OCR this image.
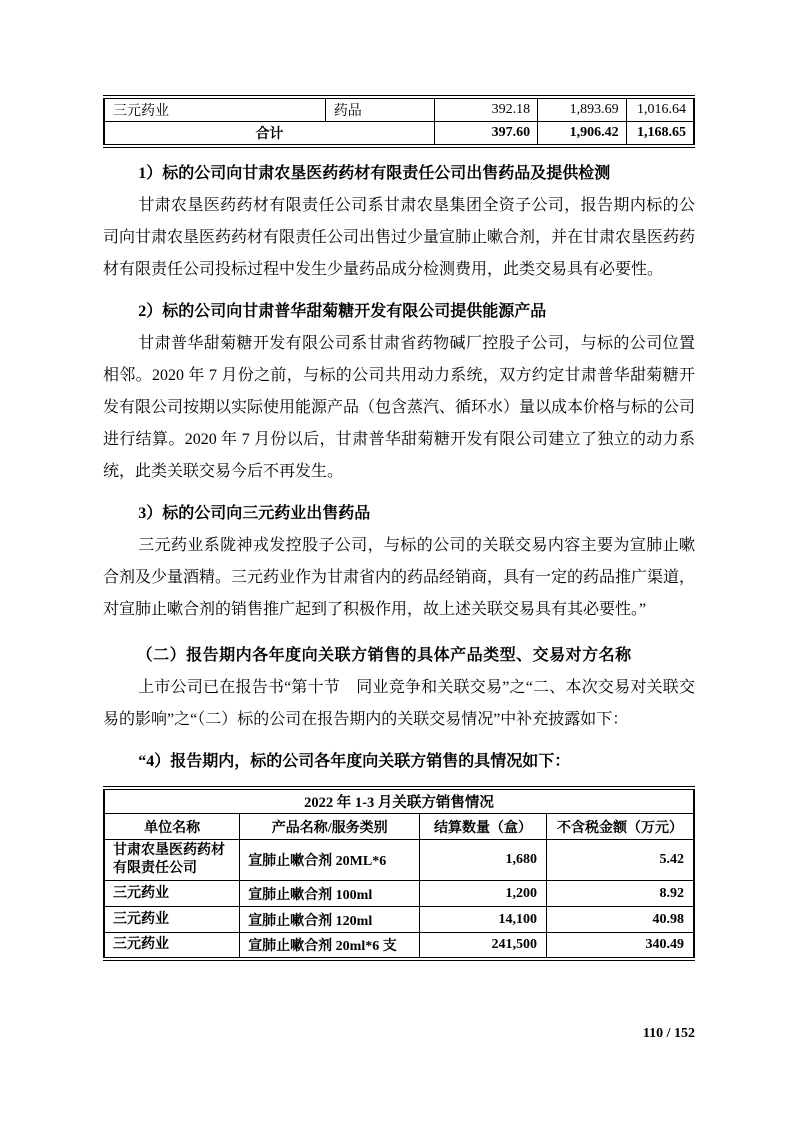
三元药业	药品	392.18	1,893.69	1,016.64
合计		397.60	1,906.42	1,168.65
1）标的公司向甘肃农垦医药药材有限责任公司出售药品及提供检测
甘肃农垦医药药材有限责任公司系甘肃农垦集团全资子公司，报告期内标的公司向甘肃农垦医药药材有限责任公司出售过少量宣肺止嗽合剂，并在甘肃农垦医药药材有限责任公司投标过程中发生少量药品成分检测费用，此类交易具有必要性。
2）标的公司向甘肃普华甜菊糖开发有限公司提供能源产品
甘肃普华甜菊糖开发有限公司系甘肃省药物碱厂控股子公司，与标的公司位置相邻。2020 年 7 月份之前，与标的公司共用动力系统，双方约定甘肃普华甜菊糖开发有限公司按期以实际使用能源产品（包含蒸汽、循环水）量以成本价格与标的公司进行结算。2020 年 7 月份以后，甘肃普华甜菊糖开发有限公司建立了独立的动力系统，此类关联交易今后不再发生。
3）标的公司向三元药业出售药品
三元药业系陇神戎发控股子公司，与标的公司的关联交易内容主要为宣肺止嗽合剂及少量酒精。三元药业作为甘肃省内的药品经销商，具有一定的药品推广渠道，对宣肺止嗽合剂的销售推广起到了积极作用，故上述关联交易具有其必要性。”
（二）报告期内各年度向关联方销售的具体产品类型、交易对方名称
上市公司已在报告书“第十节　同业竞争和关联交易”之“二、本次交易对关联交易的影响”之“（二）标的公司在报告期内的关联交易情况”中补充披露如下：
“4）报告期内，标的公司各年度向关联方销售的具情况如下：
2022 年 1-3 月关联方销售情况			
单位名称	产品名称/服务类别	结算数量（盒）	不含税金额（万元）
甘肃农垦医药药材有限责任公司	宣肺止嗽合剂 20ML*6	1,680	5.42
三元药业	宣肺止嗽合剂 100ml	1,200	8.92
三元药业	宣肺止嗽合剂 120ml	14,100	40.98
三元药业	宣肺止嗽合剂 20ml*6 支	241,500	340.49
110 / 152
